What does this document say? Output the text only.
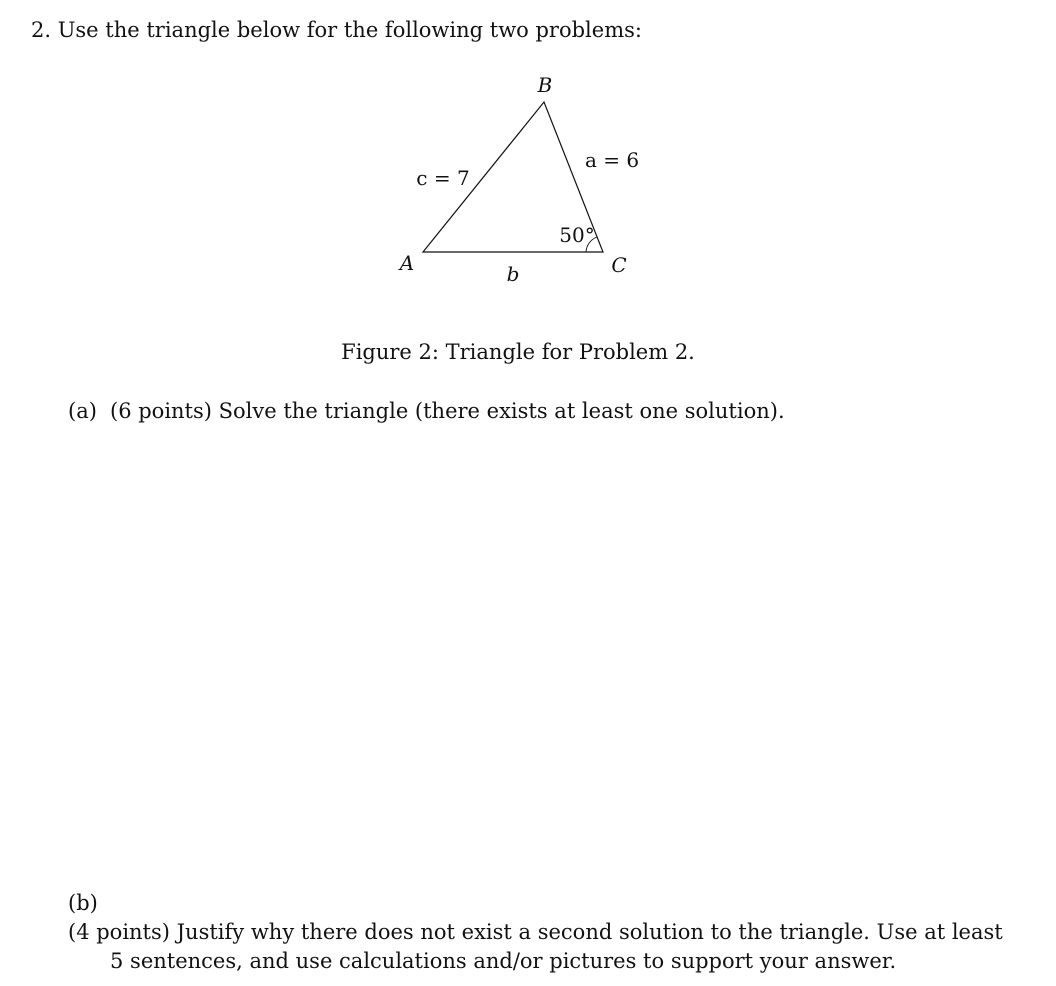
2. Use the triangle below for the following two problems:
B
A	C
c = 7
a = 6
b
50°
Figure 2: Triangle for Problem 2.
(a) (6 points) Solve the triangle (there exists at least one solution).
(b)(4 points) Justify why there does not exist a second solution to the triangle. Use at least
5 sentences, and use calculations and/or pictures to support your answer.
